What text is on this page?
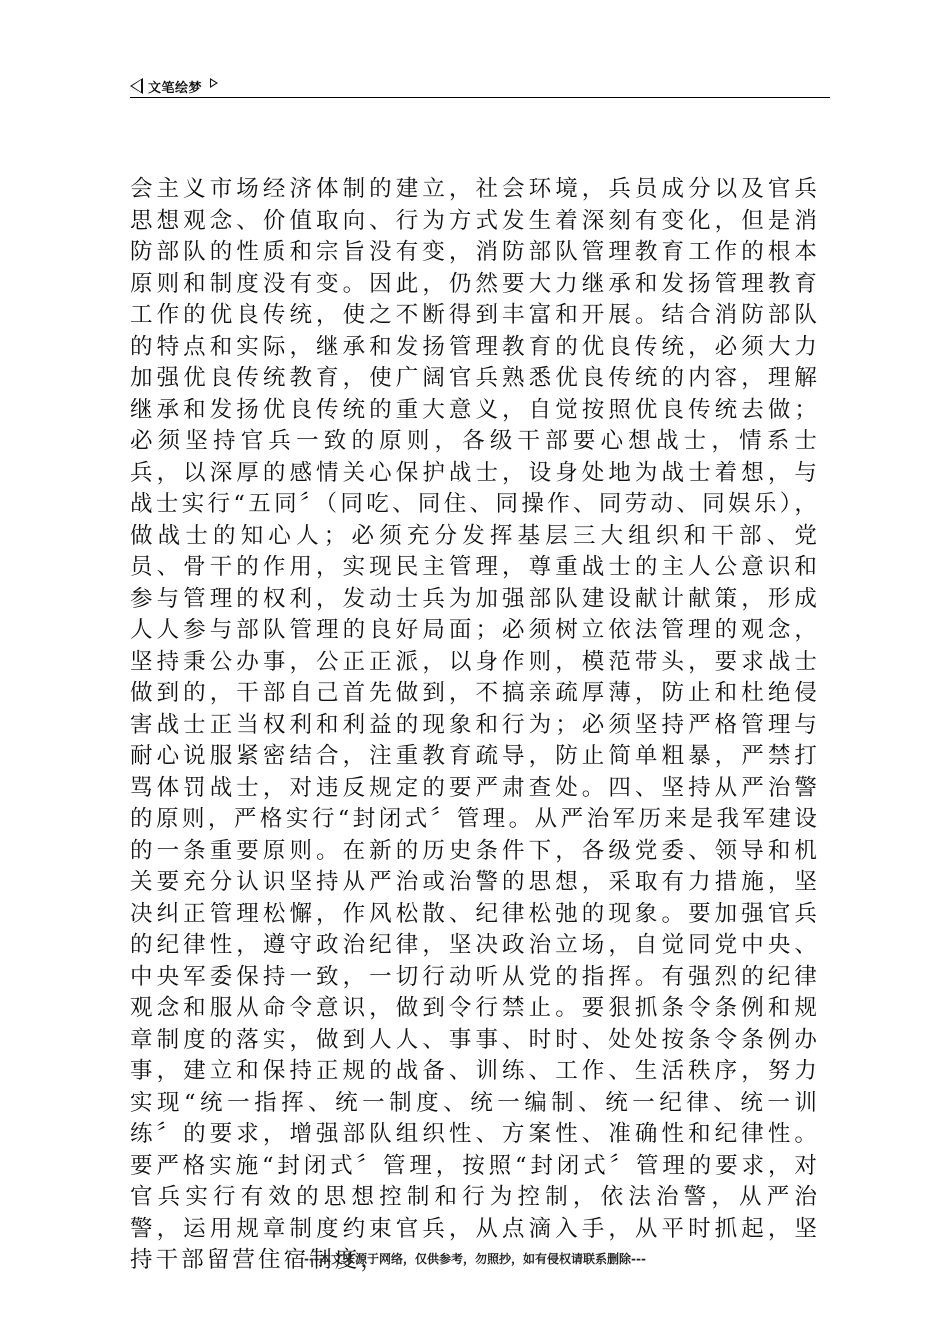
文笔绘梦

会主义市场经济体制的建立，社会环境，兵员成分以及官兵思想观念、价值取向、行为方式发生着深刻有变化，但是消防部队的性质和宗旨没有变，消防部队管理教育工作的根本原则和制度没有变。因此，仍然要大力继承和发扬管理教育工作的优良传统，使之不断得到丰富和开展。结合消防部队的特点和实际，继承和发扬管理教育的优良传统，必须大力加强优良传统教育，使广阔官兵熟悉优良传统的内容，理解继承和发扬优良传统的重大意义，自觉按照优良传统去做；必须坚持官兵一致的原则，各级干部要心想战士，情系士兵，以深厚的感情关心保护战士，设身处地为战士着想，与战士实行“五同〞（同吃、同住、同操作、同劳动、同娱乐），做战士的知心人；必须充分发挥基层三大组织和干部、党员、骨干的作用，实现民主管理，尊重战士的主人公意识和参与管理的权利，发动士兵为加强部队建设献计献策，形成人人参与部队管理的良好局面；必须树立依法管理的观念，坚持秉公办事，公正正派，以身作则，模范带头，要求战士做到的，干部自己首先做到，不搞亲疏厚薄，防止和杜绝侵害战士正当权利和利益的现象和行为；必须坚持严格管理与耐心说服紧密结合，注重教育疏导，防止简单粗暴，严禁打骂体罚战士，对违反规定的要严肃查处。四、坚持从严治警的原则，严格实行“封闭式〞管理。从严治军历来是我军建设的一条重要原则。在新的历史条件下，各级党委、领导和机关要充分认识坚持从严治或治警的思想，采取有力措施，坚决纠正管理松懈，作风松散、纪律松弛的现象。要加强官兵的纪律性，遵守政治纪律，坚决政治立场，自觉同党中央、中央军委保持一致，一切行动听从党的指挥。有强烈的纪律观念和服从命令意识，做到令行禁止。要狠抓条令条例和规章制度的落实，做到人人、事事、时时、处处按条令条例办事，建立和保持正规的战备、训练、工作、生活秩序，努力实现“统一指挥、统一制度、统一编制、统一纪律、统一训练〞的要求，增强部队组织性、方案性、准确性和纪律性。要严格实施“封闭式〞管理，按照“封闭式〞管理的要求，对官兵实行有效的思想控制和行为控制，依法治警，从严治警，运用规章制度约束官兵，从点滴入手，从平时抓起，坚持干部留营住宿制度，

---本文来源于网络，仅供参考，勿照抄，如有侵权请联系删除---
